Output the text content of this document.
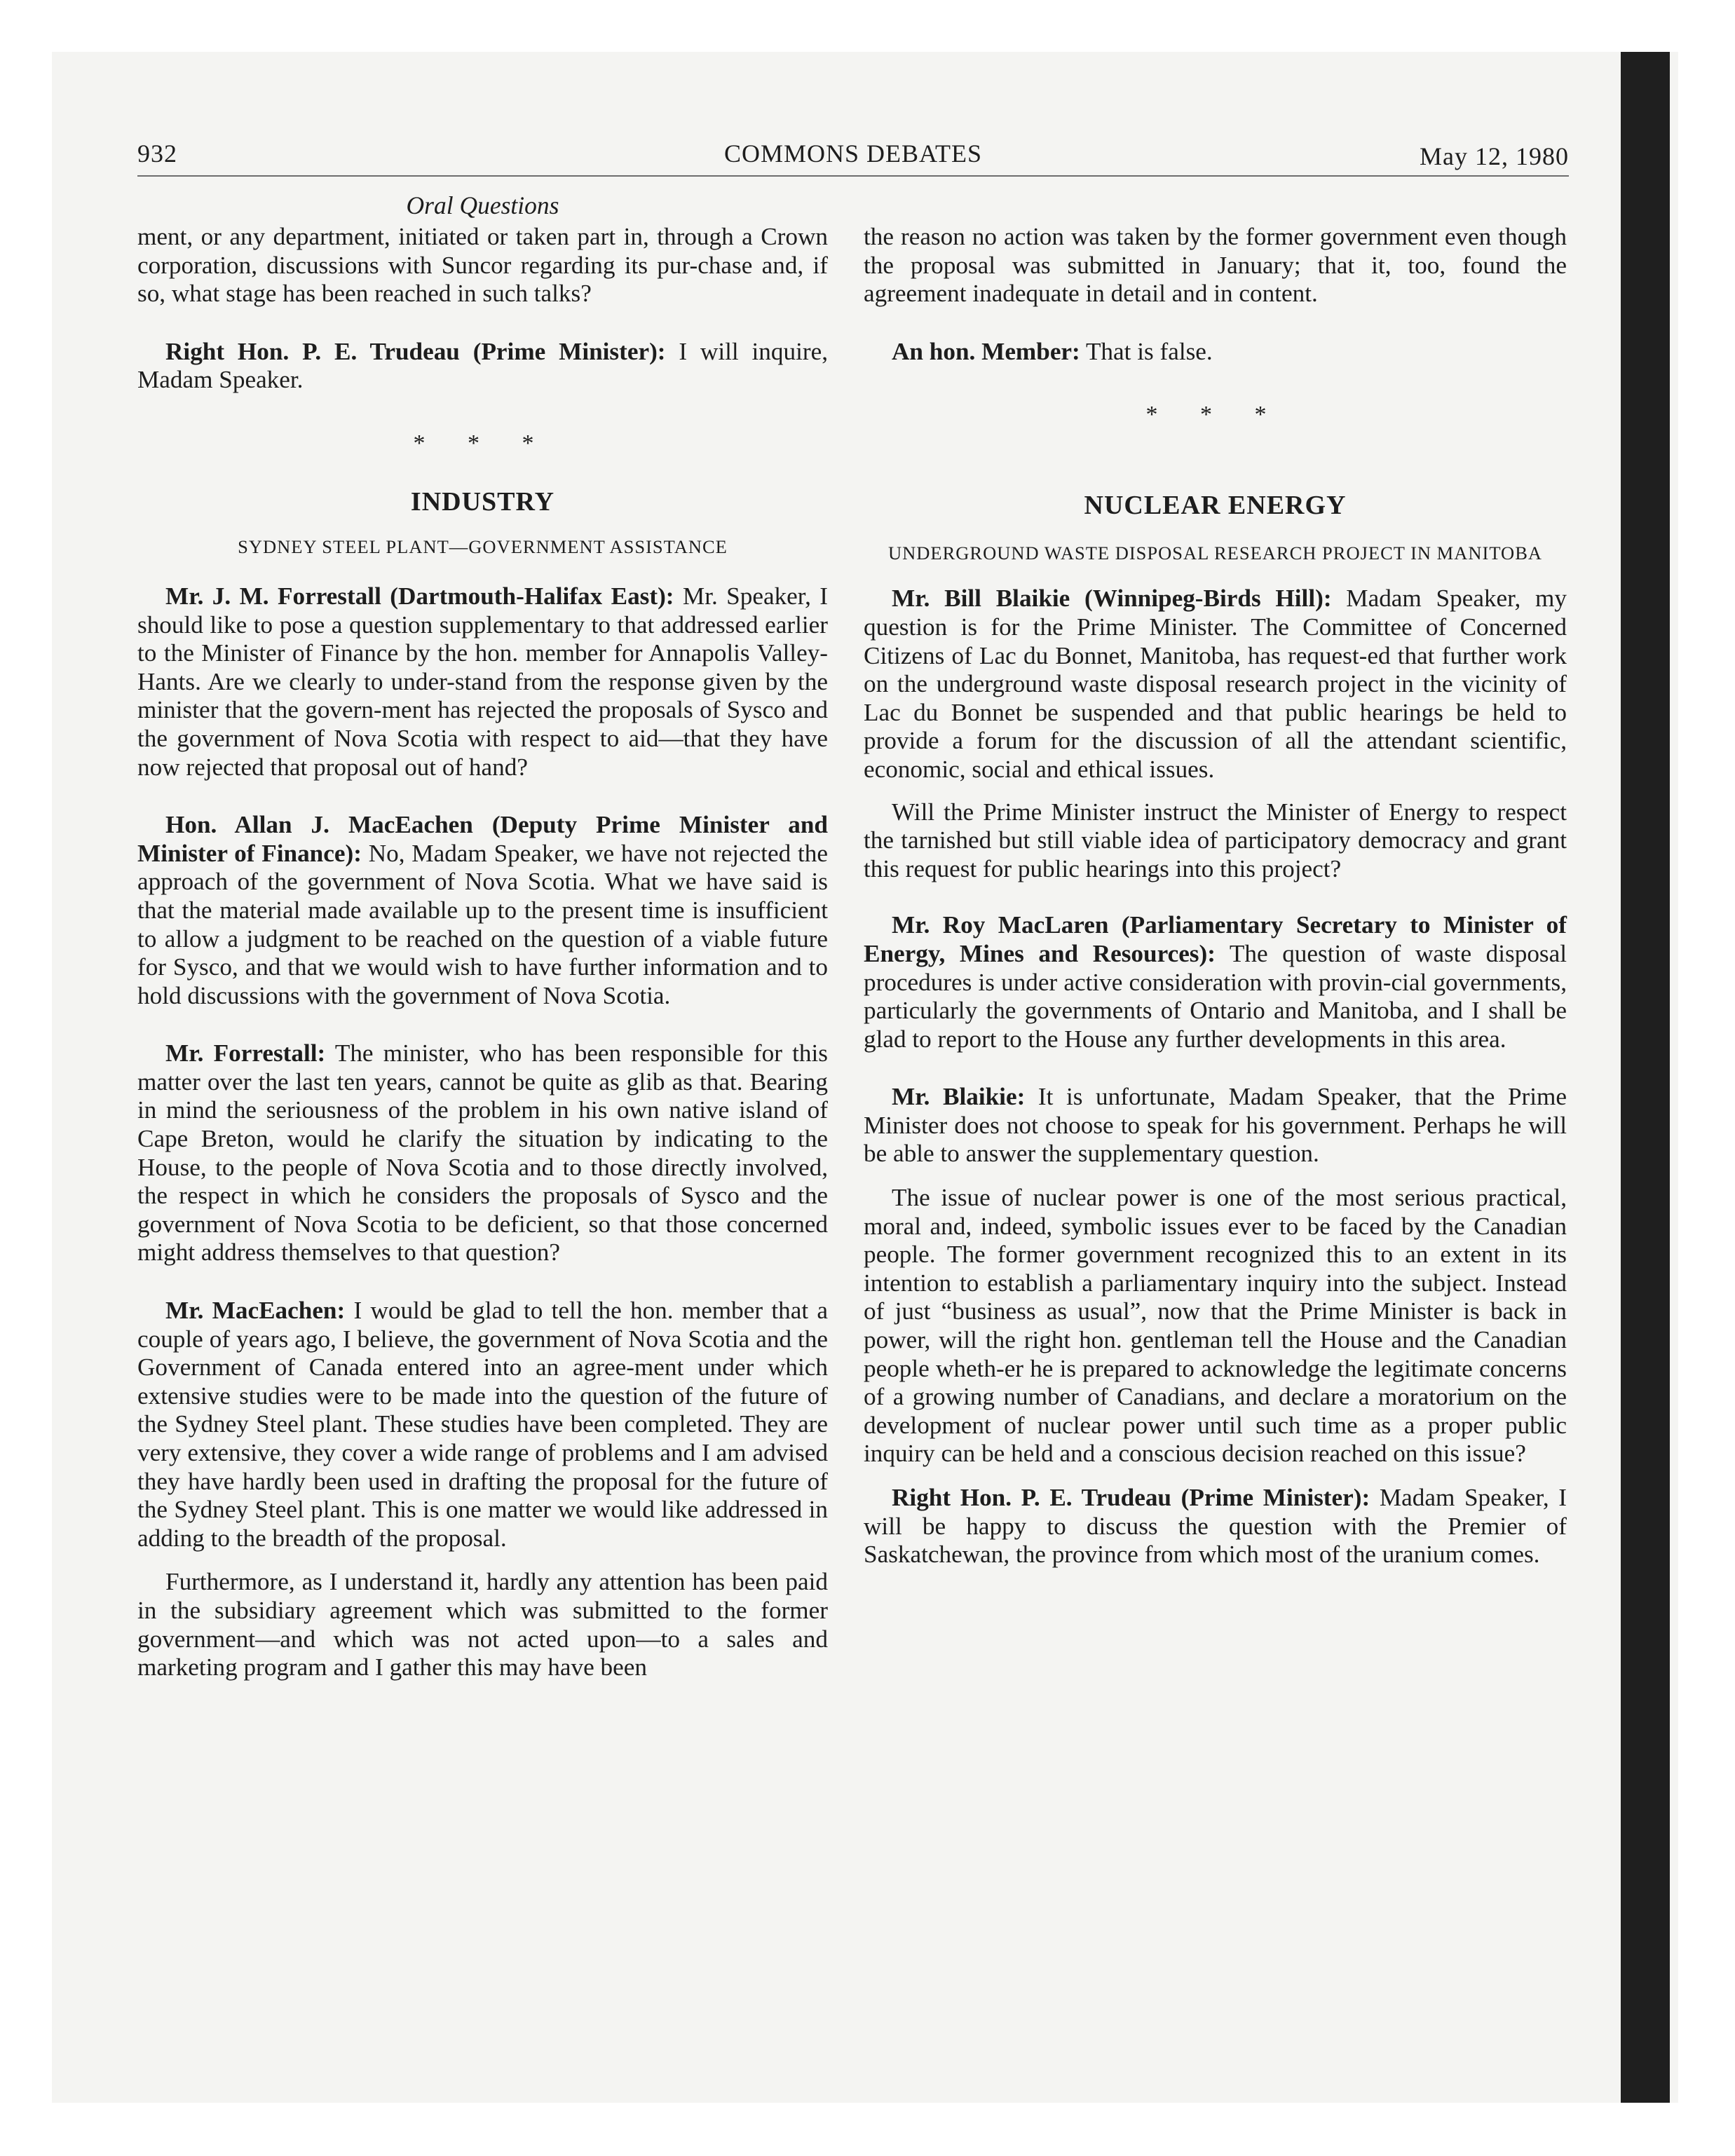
932	COMMONS DEBATES	May 12, 1980
Oral Questions

ment, or any department, initiated or taken part in, through a Crown corporation, discussions with Suncor regarding its pur-chase and, if so, what stage has been reached in such talks?

Right Hon. P. E. Trudeau (Prime Minister): I will inquire, Madam Speaker.

* * *
INDUSTRY
SYDNEY STEEL PLANT—GOVERNMENT ASSISTANCE

Mr. J. M. Forrestall (Dartmouth-Halifax East): Mr. Speaker, I should like to pose a question supplementary to that addressed earlier to the Minister of Finance by the hon. member for Annapolis Valley-Hants. Are we clearly to under-stand from the response given by the minister that the govern-ment has rejected the proposals of Sysco and the government of Nova Scotia with respect to aid—that they have now rejected that proposal out of hand?

Hon. Allan J. MacEachen (Deputy Prime Minister and Minister of Finance): No, Madam Speaker, we have not rejected the approach of the government of Nova Scotia. What we have said is that the material made available up to the present time is insufficient to allow a judgment to be reached on the question of a viable future for Sysco, and that we would wish to have further information and to hold discussions with the government of Nova Scotia.

Mr. Forrestall: The minister, who has been responsible for this matter over the last ten years, cannot be quite as glib as that. Bearing in mind the seriousness of the problem in his own native island of Cape Breton, would he clarify the situation by indicating to the House, to the people of Nova Scotia and to those directly involved, the respect in which he considers the proposals of Sysco and the government of Nova Scotia to be deficient, so that those concerned might address themselves to that question?

Mr. MacEachen: I would be glad to tell the hon. member that a couple of years ago, I believe, the government of Nova Scotia and the Government of Canada entered into an agree-ment under which extensive studies were to be made into the question of the future of the Sydney Steel plant. These studies have been completed. They are very extensive, they cover a wide range of problems and I am advised they have hardly been used in drafting the proposal for the future of the Sydney Steel plant. This is one matter we would like addressed in adding to the breadth of the proposal.

Furthermore, as I understand it, hardly any attention has been paid in the subsidiary agreement which was submitted to the former government—and which was not acted upon—to a sales and marketing program and I gather this may have been

the reason no action was taken by the former government even though the proposal was submitted in January; that it, too, found the agreement inadequate in detail and in content.

An hon. Member: That is false.

* * *
NUCLEAR ENERGY
UNDERGROUND WASTE DISPOSAL RESEARCH PROJECT IN MANITOBA

Mr. Bill Blaikie (Winnipeg-Birds Hill): Madam Speaker, my question is for the Prime Minister. The Committee of Concerned Citizens of Lac du Bonnet, Manitoba, has request-ed that further work on the underground waste disposal research project in the vicinity of Lac du Bonnet be suspended and that public hearings be held to provide a forum for the discussion of all the attendant scientific, economic, social and ethical issues.

Will the Prime Minister instruct the Minister of Energy to respect the tarnished but still viable idea of participatory democracy and grant this request for public hearings into this project?

Mr. Roy MacLaren (Parliamentary Secretary to Minister of Energy, Mines and Resources): The question of waste disposal procedures is under active consideration with provin-cial governments, particularly the governments of Ontario and Manitoba, and I shall be glad to report to the House any further developments in this area.

Mr. Blaikie: It is unfortunate, Madam Speaker, that the Prime Minister does not choose to speak for his government. Perhaps he will be able to answer the supplementary question.

The issue of nuclear power is one of the most serious practical, moral and, indeed, symbolic issues ever to be faced by the Canadian people. The former government recognized this to an extent in its intention to establish a parliamentary inquiry into the subject. Instead of just “business as usual”, now that the Prime Minister is back in power, will the right hon. gentleman tell the House and the Canadian people wheth-er he is prepared to acknowledge the legitimate concerns of a growing number of Canadians, and declare a moratorium on the development of nuclear power until such time as a proper public inquiry can be held and a conscious decision reached on this issue?

Right Hon. P. E. Trudeau (Prime Minister): Madam Speaker, I will be happy to discuss the question with the Premier of Saskatchewan, the province from which most of the uranium comes.
